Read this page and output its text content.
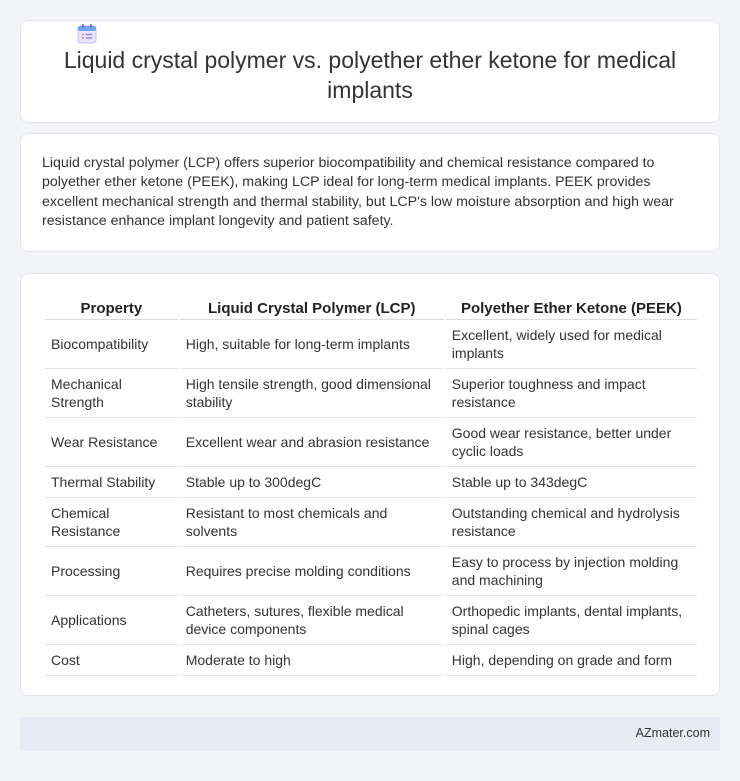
Liquid crystal polymer vs. polyether ether ketone for medical implants

Liquid crystal polymer (LCP) offers superior biocompatibility and chemical resistance compared to polyether ether ketone (PEEK), making LCP ideal for long-term medical implants. PEEK provides excellent mechanical strength and thermal stability, but LCP's low moisture absorption and high wear resistance enhance implant longevity and patient safety.

Property	Liquid Crystal Polymer (LCP)	Polyether Ether Ketone (PEEK)
Biocompatibility	High, suitable for long-term implants	Excellent, widely used for medical implants
Mechanical Strength	High tensile strength, good dimensional stability	Superior toughness and impact resistance
Wear Resistance	Excellent wear and abrasion resistance	Good wear resistance, better under cyclic loads
Thermal Stability	Stable up to 300degC	Stable up to 343degC
Chemical Resistance	Resistant to most chemicals and solvents	Outstanding chemical and hydrolysis resistance
Processing	Requires precise molding conditions	Easy to process by injection molding and machining
Applications	Catheters, sutures, flexible medical device components	Orthopedic implants, dental implants, spinal cages
Cost	Moderate to high	High, depending on grade and form
AZmater.com
